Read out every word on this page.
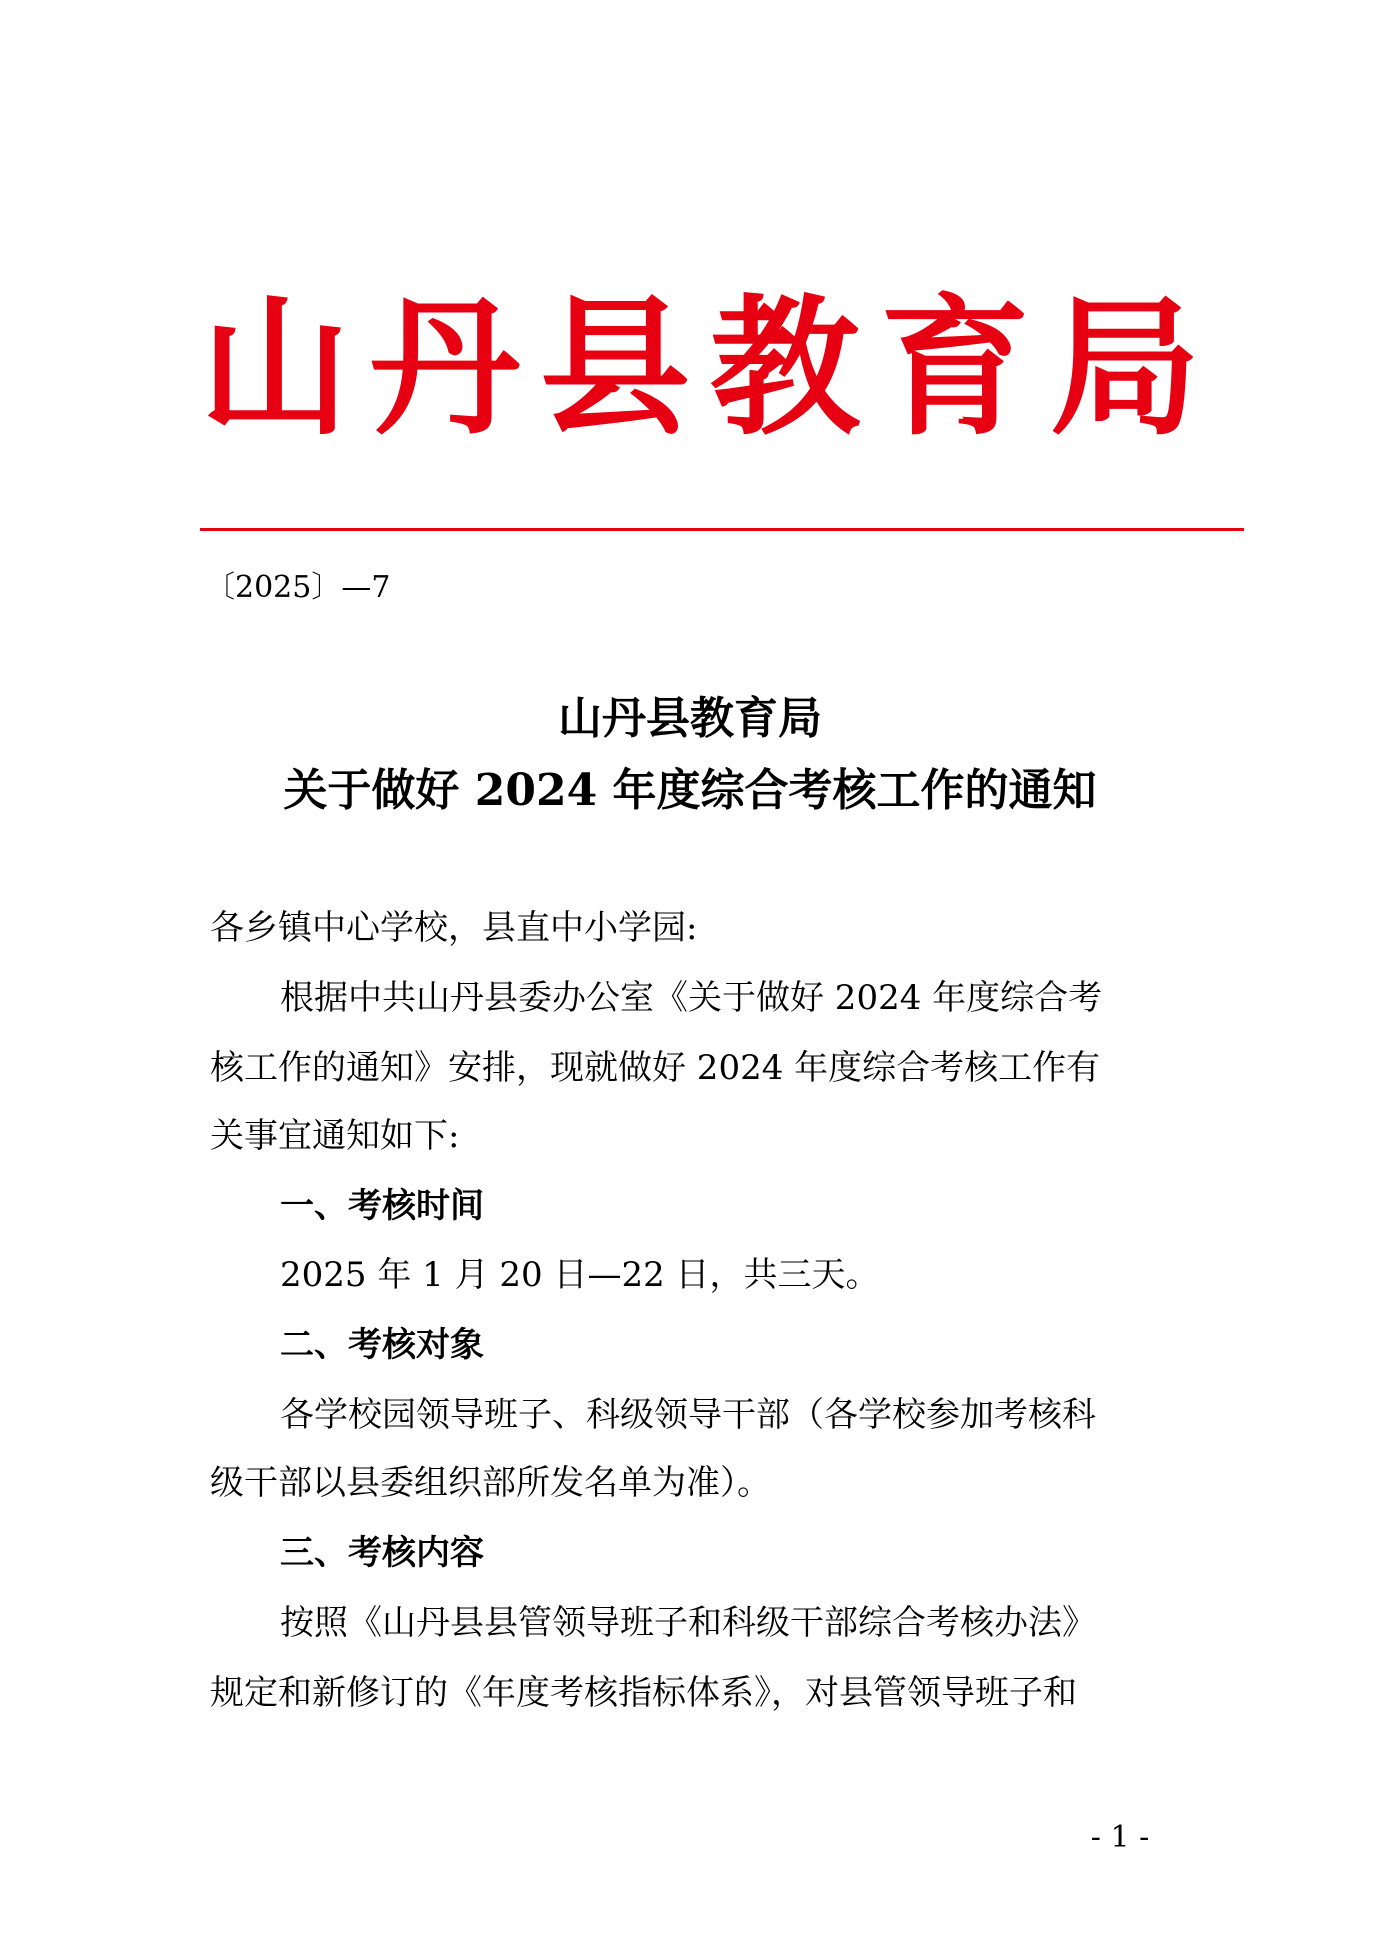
山 丹 县 教 育 局
〔2025〕—7
山丹县教育局
关于做好 2024 年度综合考核工作的通知
各乡镇中心学校，县直中小学园:
根据中共山丹县委办公室《关于做好 2024 年度综合考
核工作的通知》安排，现就做好 2024 年度综合考核工作有
关事宜通知如下:
一、考核时间
2025 年 1 月 20 日—22 日，共三天。
二、考核对象
各学校园领导班子、科级领导干部（各学校参加考核科
级干部以县委组织部所发名单为准）。
三、考核内容
按照《山丹县县管领导班子和科级干部综合考核办法》
规定和新修订的《年度考核指标体系》，对县管领导班子和
- 1 -
